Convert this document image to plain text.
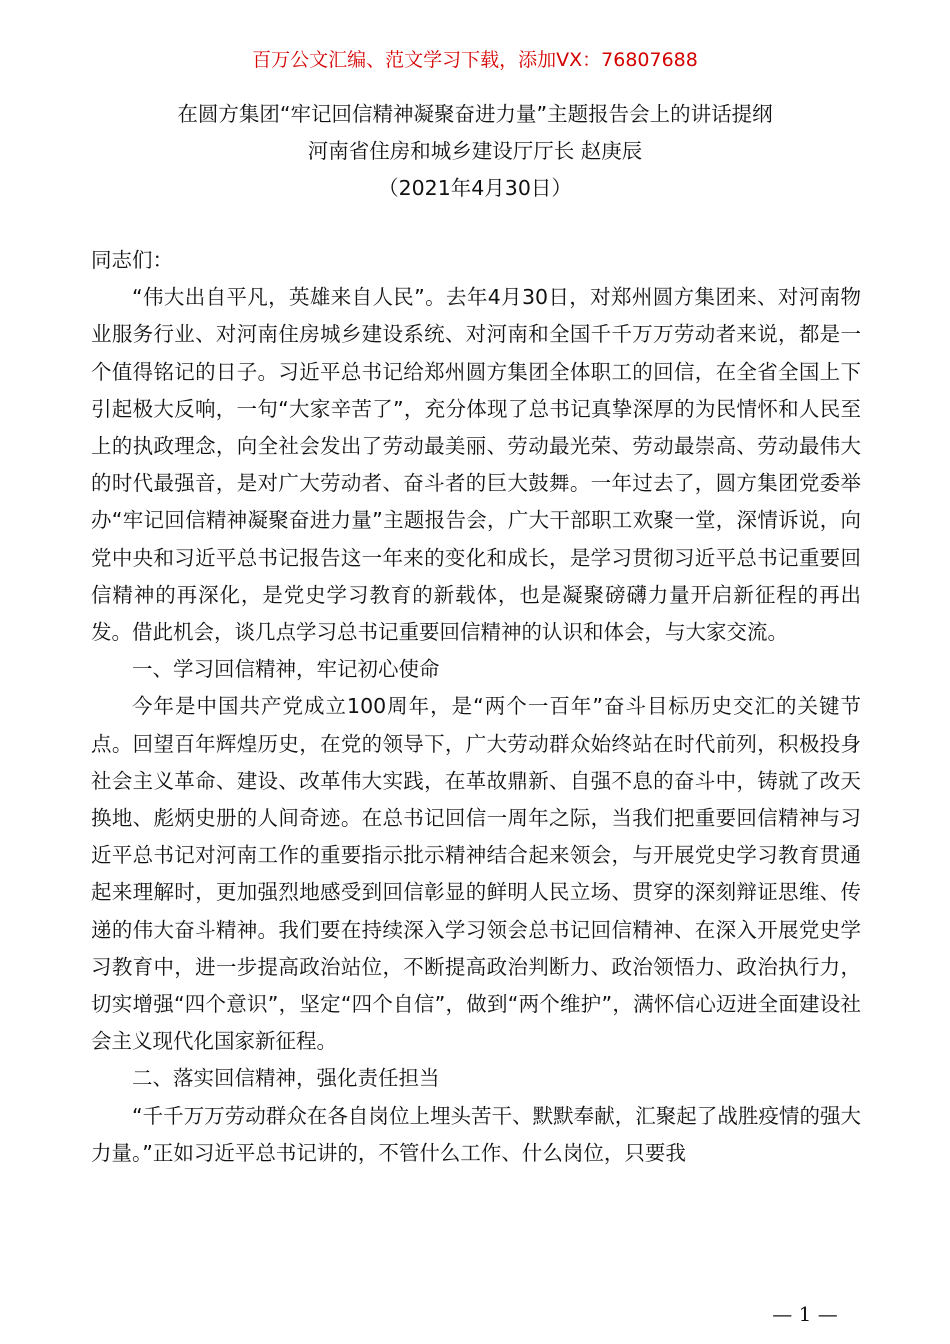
百万公文汇编、范文学习下载，添加VX：76807688
在圆方集团“牢记回信精神凝聚奋进力量”主题报告会上的讲话提纲
河南省住房和城乡建设厅厅长 赵庚辰
（2021年4月30日）

同志们：

“伟大出自平凡，英雄来自人民”。去年4月30日，对郑州圆方集团来、对河南物业服务行业、对河南住房城乡建设系统、对河南和全国千千万万劳动者来说，都是一个值得铭记的日子。习近平总书记给郑州圆方集团全体职工的回信，在全省全国上下引起极大反响，一句“大家辛苦了”，充分体现了总书记真挚深厚的为民情怀和人民至上的执政理念，向全社会发出了劳动最美丽、劳动最光荣、劳动最崇高、劳动最伟大的时代最强音，是对广大劳动者、奋斗者的巨大鼓舞。一年过去了，圆方集团党委举办“牢记回信精神凝聚奋进力量”主题报告会，广大干部职工欢聚一堂，深情诉说，向党中央和习近平总书记报告这一年来的变化和成长，是学习贯彻习近平总书记重要回信精神的再深化，是党史学习教育的新载体，也是凝聚磅礴力量开启新征程的再出发。借此机会，谈几点学习总书记重要回信精神的认识和体会，与大家交流。

一、学习回信精神，牢记初心使命

今年是中国共产党成立100周年，是“两个一百年”奋斗目标历史交汇的关键节点。回望百年辉煌历史，在党的领导下，广大劳动群众始终站在时代前列，积极投身社会主义革命、建设、改革伟大实践，在革故鼎新、自强不息的奋斗中，铸就了改天换地、彪炳史册的人间奇迹。在总书记回信一周年之际，当我们把重要回信精神与习近平总书记对河南工作的重要指示批示精神结合起来领会，与开展党史学习教育贯通起来理解时，更加强烈地感受到回信彰显的鲜明人民立场、贯穿的深刻辩证思维、传递的伟大奋斗精神。我们要在持续深入学习领会总书记回信精神、在深入开展党史学习教育中，进一步提高政治站位，不断提高政治判断力、政治领悟力、政治执行力，切实增强“四个意识”，坚定“四个自信”，做到“两个维护”，满怀信心迈进全面建设社会主义现代化国家新征程。

二、落实回信精神，强化责任担当

“千千万万劳动群众在各自岗位上埋头苦干、默默奉献，汇聚起了战胜疫情的强大力量。”正如习近平总书记讲的，不管什么工作、什么岗位，只要我

— 1 —
